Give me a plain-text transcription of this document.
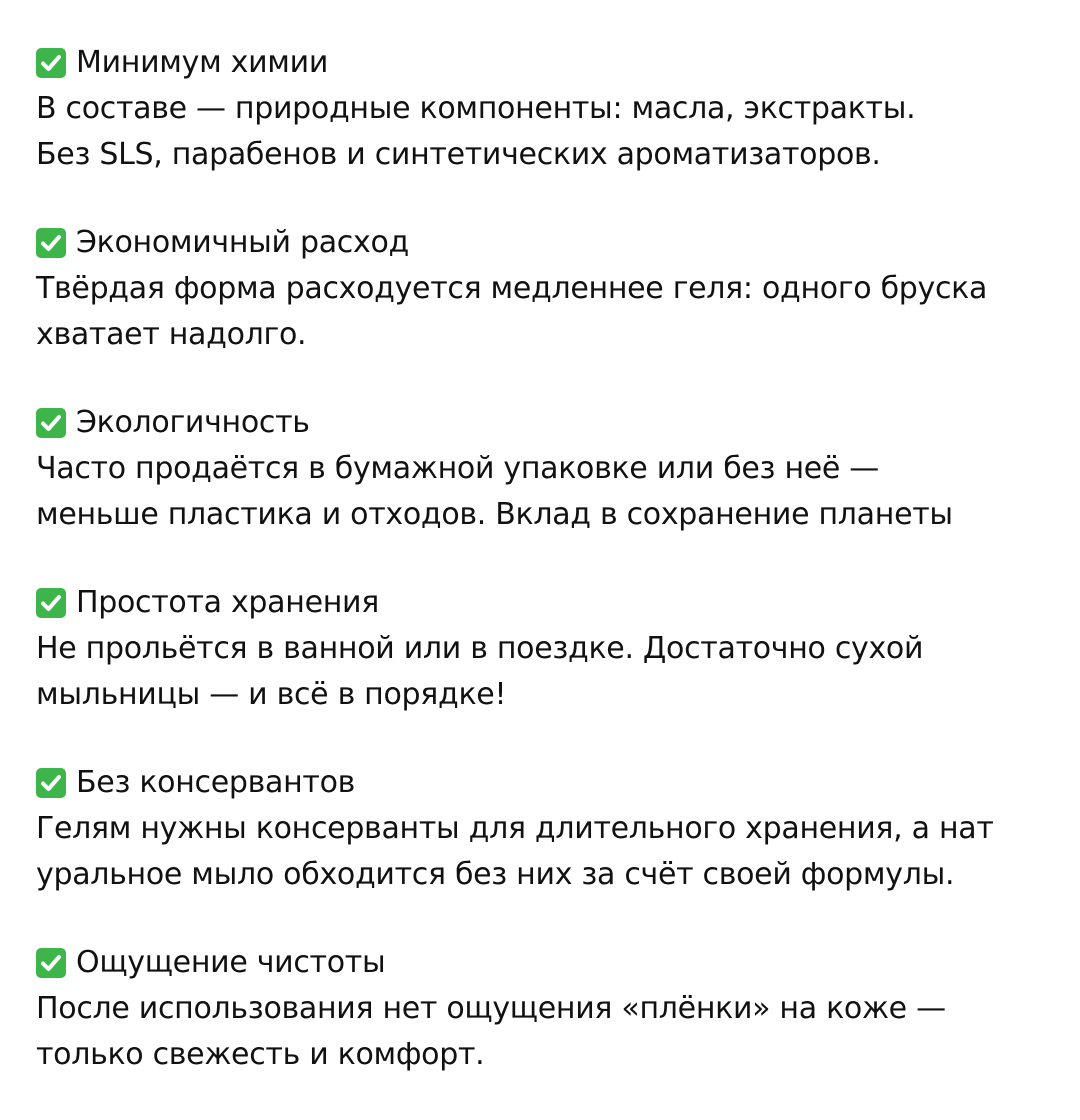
Минимум химии
В составе — природные компоненты: масла, экстракты.
Без SLS, парабенов и синтетических ароматизаторов.
Экономичный расход
Твёрдая форма расходуется медленнее геля: одного бруска
хватает надолго.
Экологичность
Часто продаётся в бумажной упаковке или без неё —
меньше пластика и отходов. Вклад в сохранение планеты
Простота хранения
Не прольётся в ванной или в поездке. Достаточно сухой
мыльницы — и всё в порядке!
Без консервантов
Гелям нужны консерванты для длительного хранения, а нат
уральное мыло обходится без них за счёт своей формулы.
Ощущение чистоты
После использования нет ощущения «плёнки» на коже —
только свежесть и комфорт.
